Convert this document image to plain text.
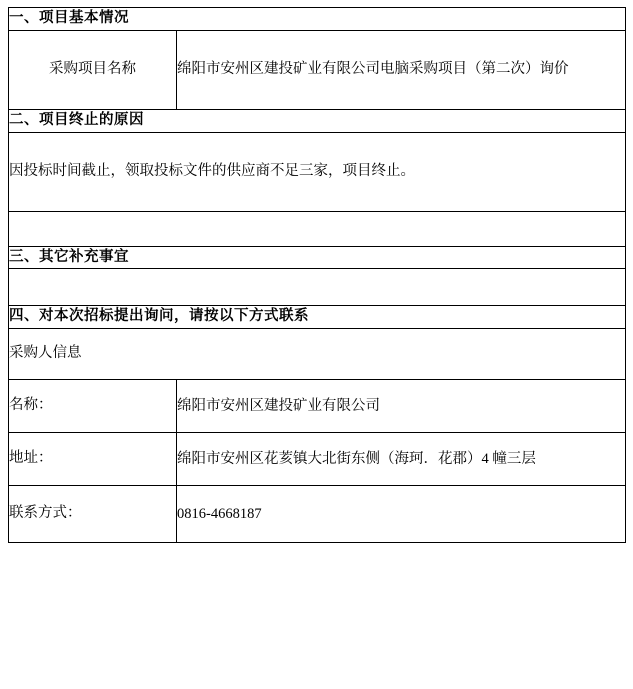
一、项目基本情况	
采购项目名称	绵阳市安州区建投矿业有限公司电脑采购项目（第二次）询价
二、项目终止的原因	
因投标时间截止，领取投标文件的供应商不足三家，项目终止。	

三、其它补充事宜	

四、对本次招标提出询问，请按以下方式联系	
采购人信息	
名称：	绵阳市安州区建投矿业有限公司
地址：	绵阳市安州区花荄镇大北街东侧（海珂．花郡）4 幢三层
联系方式：	0816-4668187
